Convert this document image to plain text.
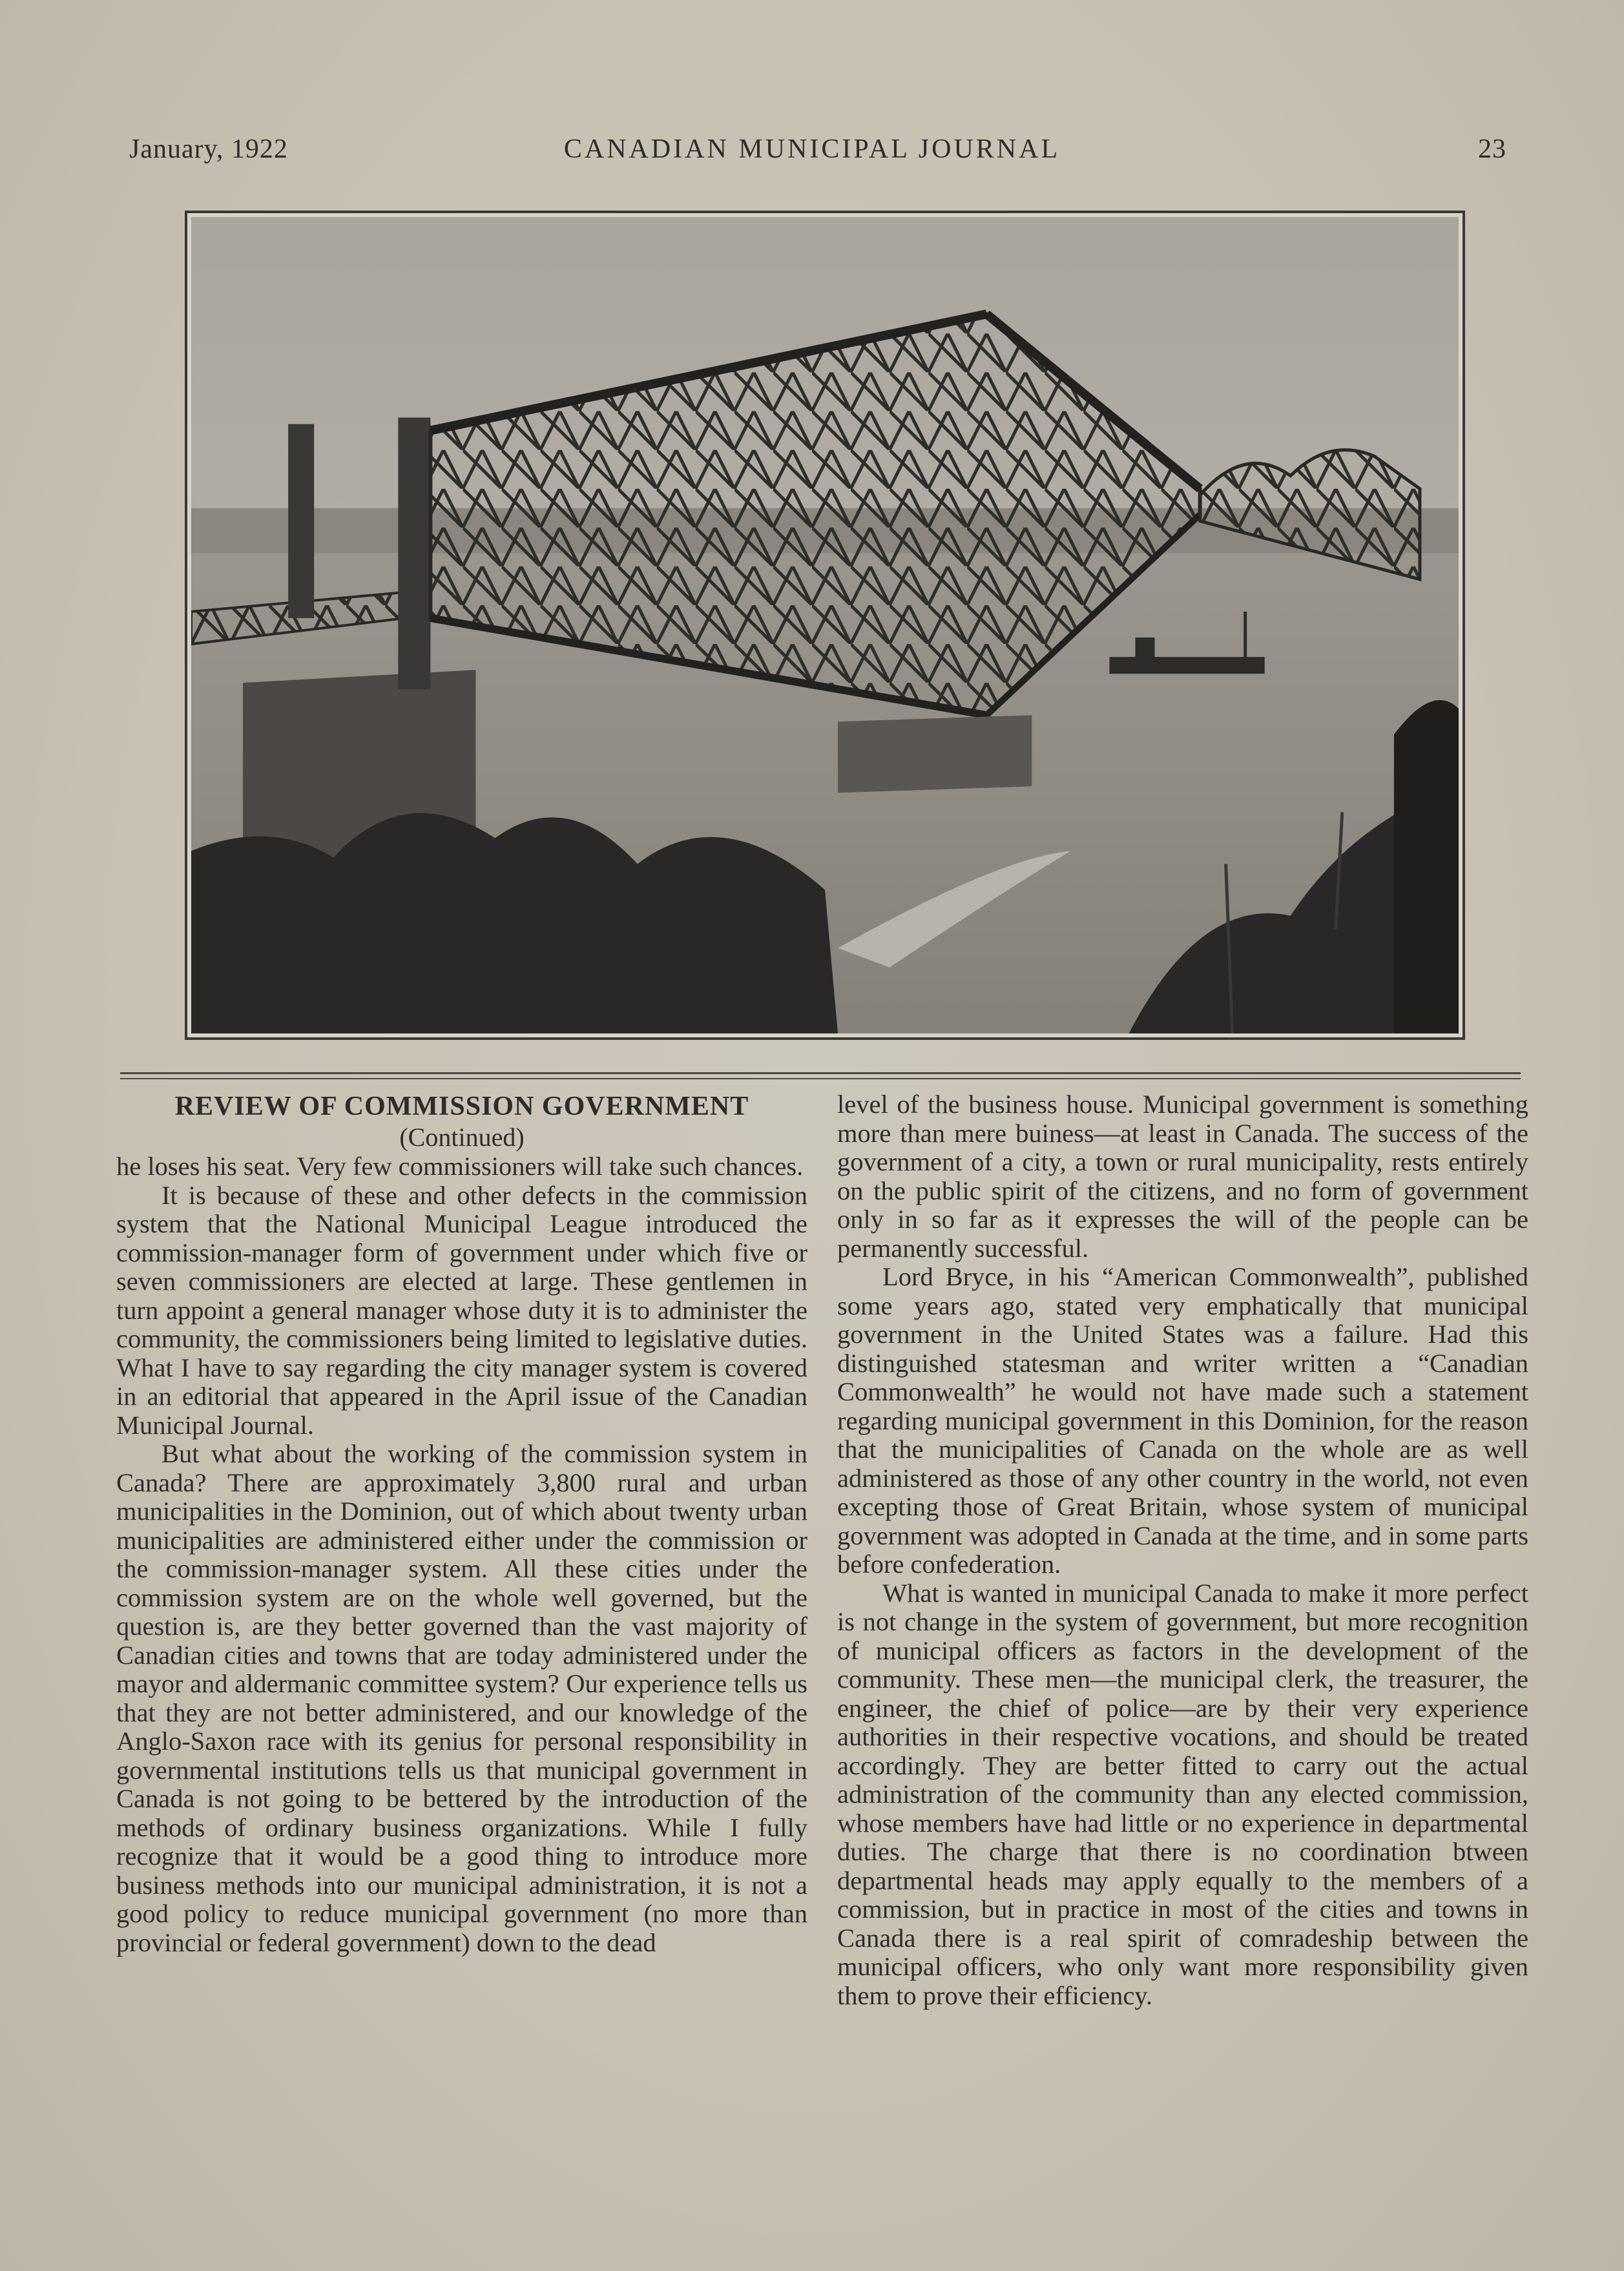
January, 1922	CANADIAN MUNICIPAL JOURNAL	23

REVIEW OF COMMISSION GOVERNMENT

(Continued)

he loses his seat. Very few commissioners will take such chances.

It is because of these and other defects in the commission system that the National Municipal League introduced the commission-manager form of government under which five or seven commissioners are elected at large. These gentlemen in turn appoint a general manager whose duty it is to administer the community, the commissioners being limited to legislative duties. What I have to say regarding the city manager system is covered in an editorial that appeared in the April issue of the Canadian Municipal Journal.

But what about the working of the commission system in Canada? There are approximately 3,800 rural and urban municipalities in the Dominion, out of which about twenty urban municipalities are administered either under the commission or the commission-manager system. All these cities under the commission system are on the whole well governed, but the question is, are they better governed than the vast majority of Canadian cities and towns that are today administered under the mayor and aldermanic committee system? Our experience tells us that they are not better administered, and our knowledge of the Anglo-Saxon race with its genius for personal responsibility in governmental institutions tells us that municipal government in Canada is not going to be bettered by the introduction of the methods of ordinary business organizations. While I fully recognize that it would be a good thing to introduce more business methods into our municipal administration, it is not a good policy to reduce municipal government (no more than provincial or federal government) down to the dead

level of the business house. Municipal government is something more than mere buiness—at least in Canada. The success of the government of a city, a town or rural municipality, rests entirely on the public spirit of the citizens, and no form of government only in so far as it expresses the will of the people can be permanently successful.

Lord Bryce, in his “American Commonwealth”, published some years ago, stated very emphatically that municipal government in the United States was a failure. Had this distinguished statesman and writer written a “Canadian Commonwealth” he would not have made such a statement regarding municipal government in this Dominion, for the reason that the municipalities of Canada on the whole are as well administered as those of any other country in the world, not even excepting those of Great Britain, whose system of municipal government was adopted in Canada at the time, and in some parts before confederation.

What is wanted in municipal Canada to make it more perfect is not change in the system of government, but more recognition of municipal officers as factors in the development of the community. These men—the municipal clerk, the treasurer, the engineer, the chief of police—are by their very experience authorities in their respective vocations, and should be treated accordingly. They are better fitted to carry out the actual administration of the community than any elected commission, whose members have had little or no experience in departmental duties. The charge that there is no coordination btween departmental heads may apply equally to the members of a commission, but in practice in most of the cities and towns in Canada there is a real spirit of comradeship between the municipal officers, who only want more responsibility given them to prove their efficiency.
